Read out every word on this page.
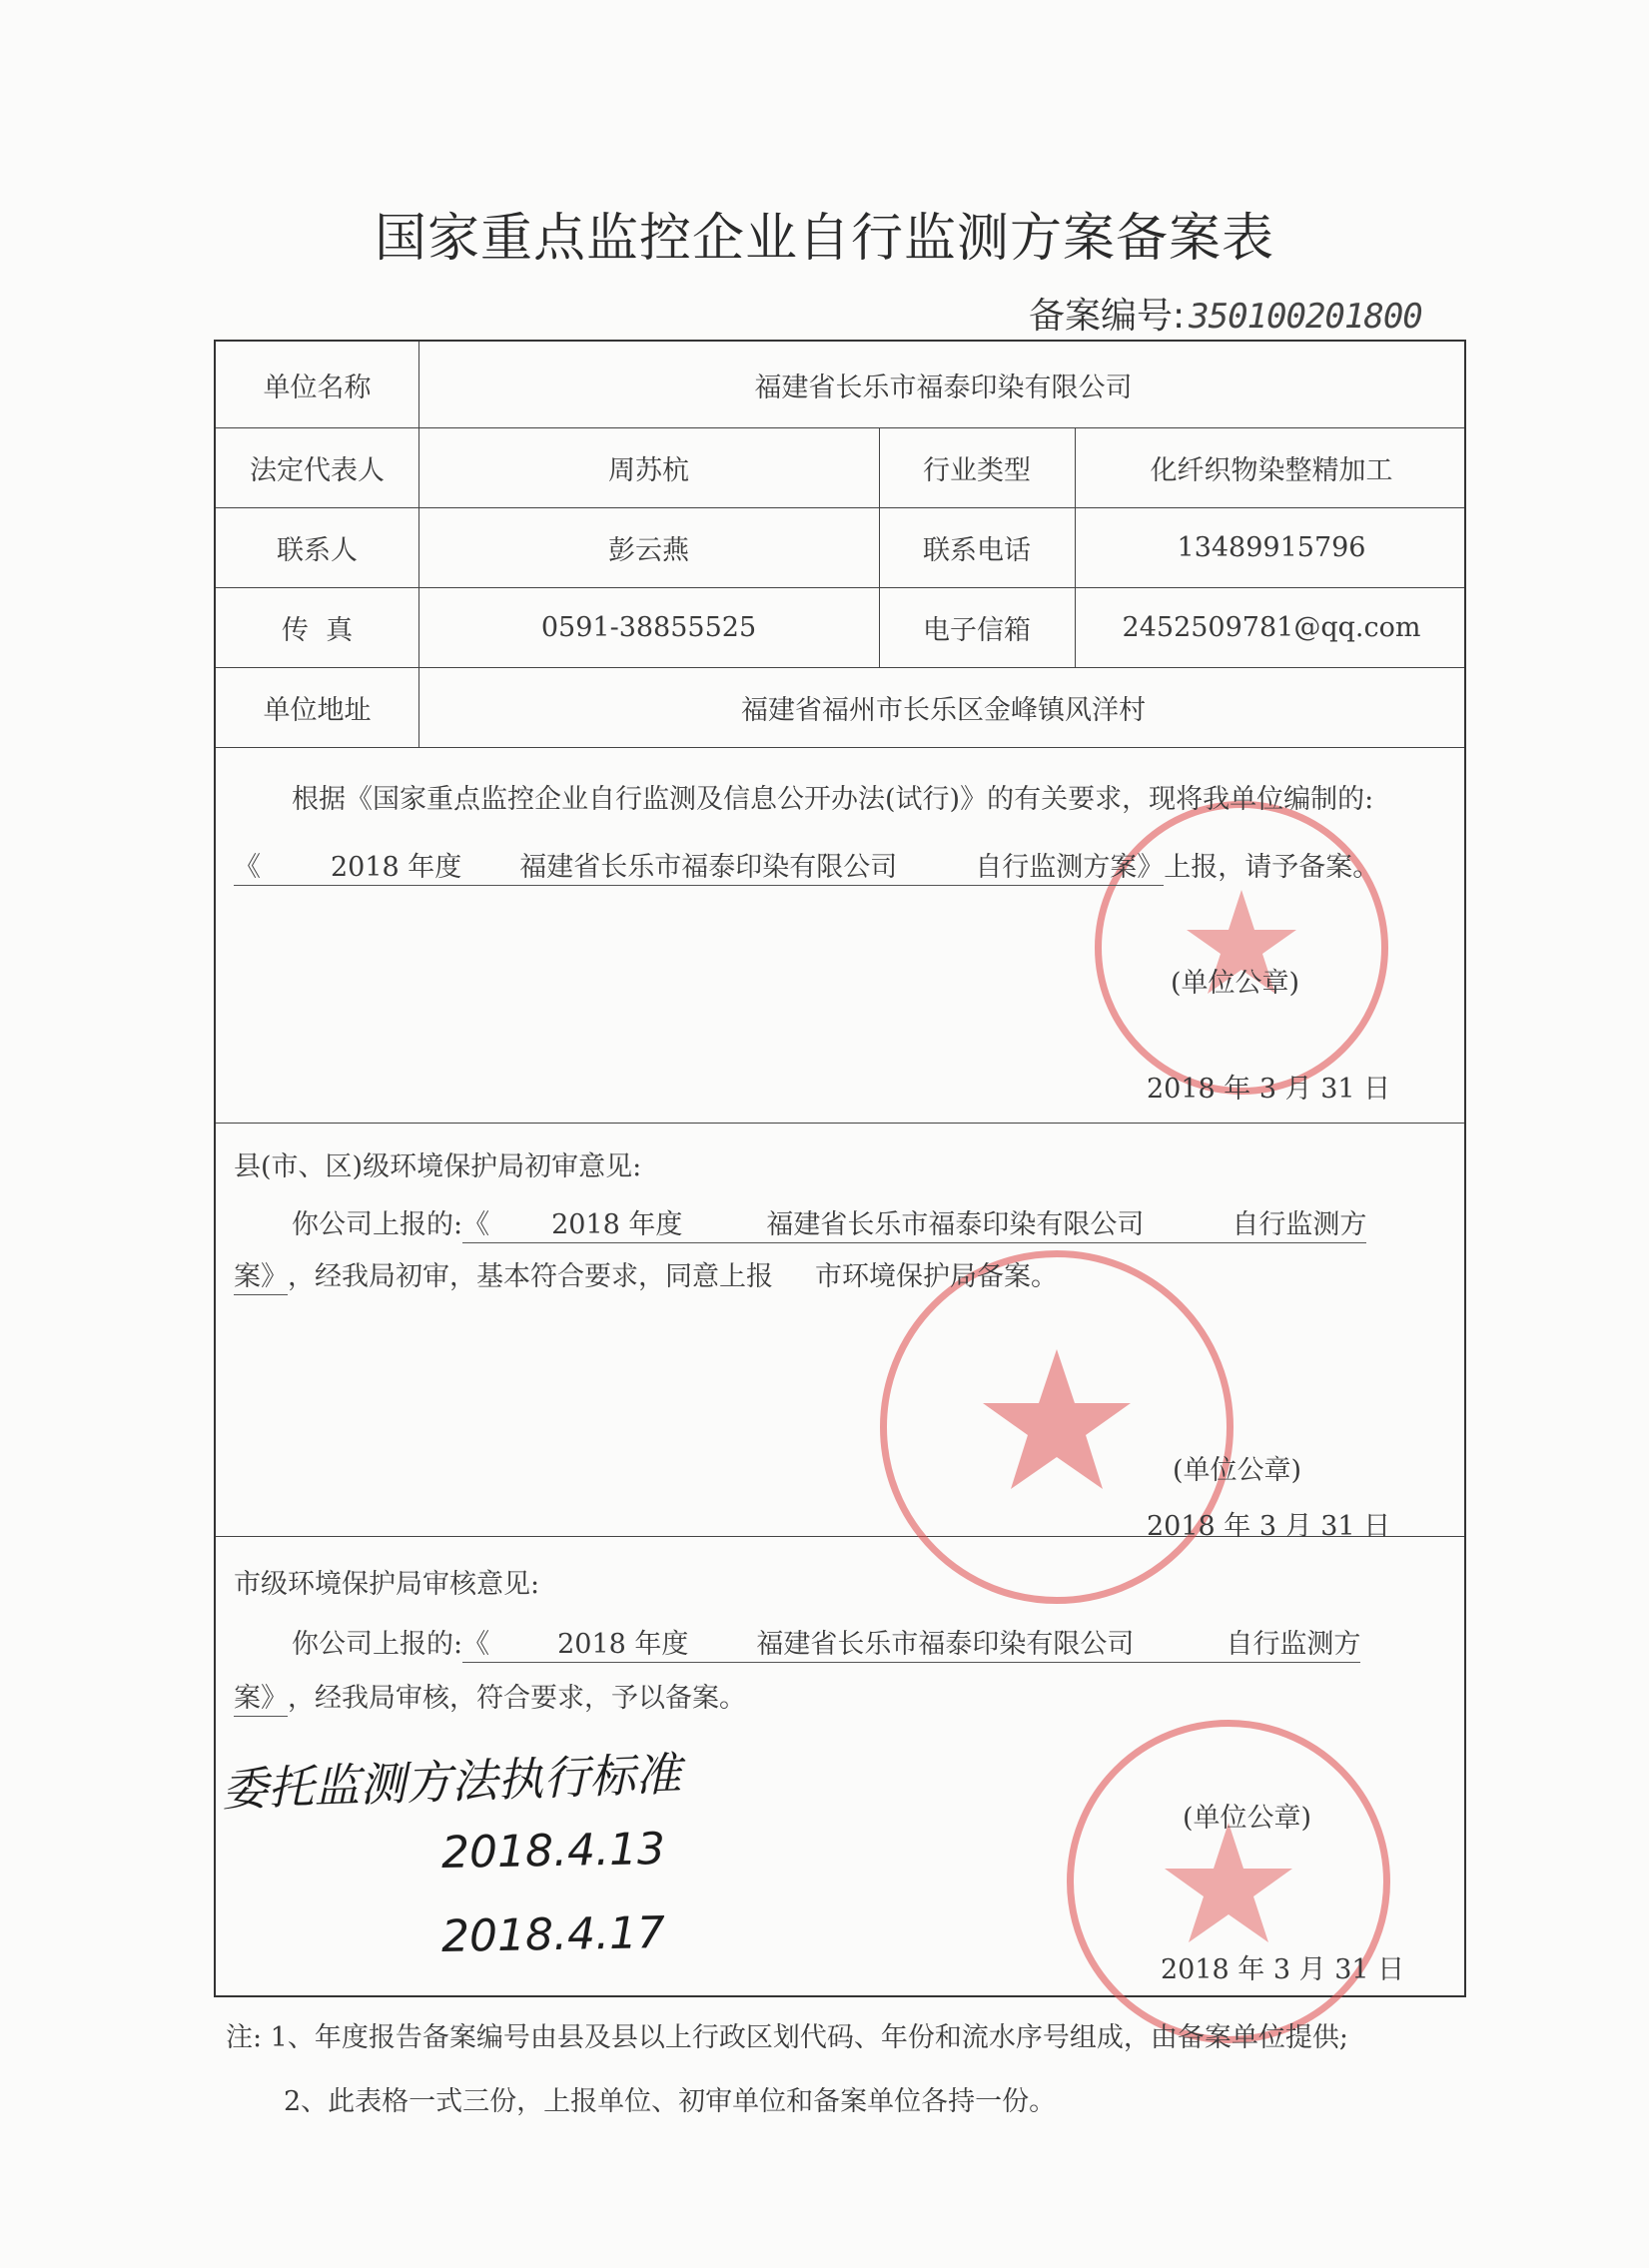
国家重点监控企业自行监测方案备案表
备案编号: 350100201800
单位名称	福建省长乐市福泰印染有限公司
法定代表人	周苏杭	行业类型	化纤织物染整精加工
联系人	彭云燕	联系电话	13489915796
传  真	0591-38855525	电子信箱	2452509781@qq.com
单位地址	福建省福州市长乐区金峰镇风洋村
根据《国家重点监控企业自行监测及信息公开办法(试行)》的有关要求，现将我单位编制的:
《	2018 年度 福建省长乐市福泰印染有限公司	自行监测方案》上报，请予备案。
(单位公章)
2018 年 3 月 31 日
县(市、区)级环境保护局初审意见:
你公司上报的:《 2018 年度	福建省长乐市福泰印染有限公司	自行监测方
案》，经我局初审，基本符合要求，同意上报 市环境保护局备案。
(单位公章)
2018 年 3 月 31 日
市级环境保护局审核意见:
你公司上报的:《	2018 年度	福建省长乐市福泰印染有限公司	自行监测方
案》，经我局审核，符合要求，予以备案。
(单位公章)
2018 年 3 月 31 日
委托监测方法执行标准
2018.4.13
2018.4.17
注: 1、年度报告备案编号由县及县以上行政区划代码、年份和流水序号组成，由备案单位提供;
2、此表格一式三份，上报单位、初审单位和备案单位各持一份。
